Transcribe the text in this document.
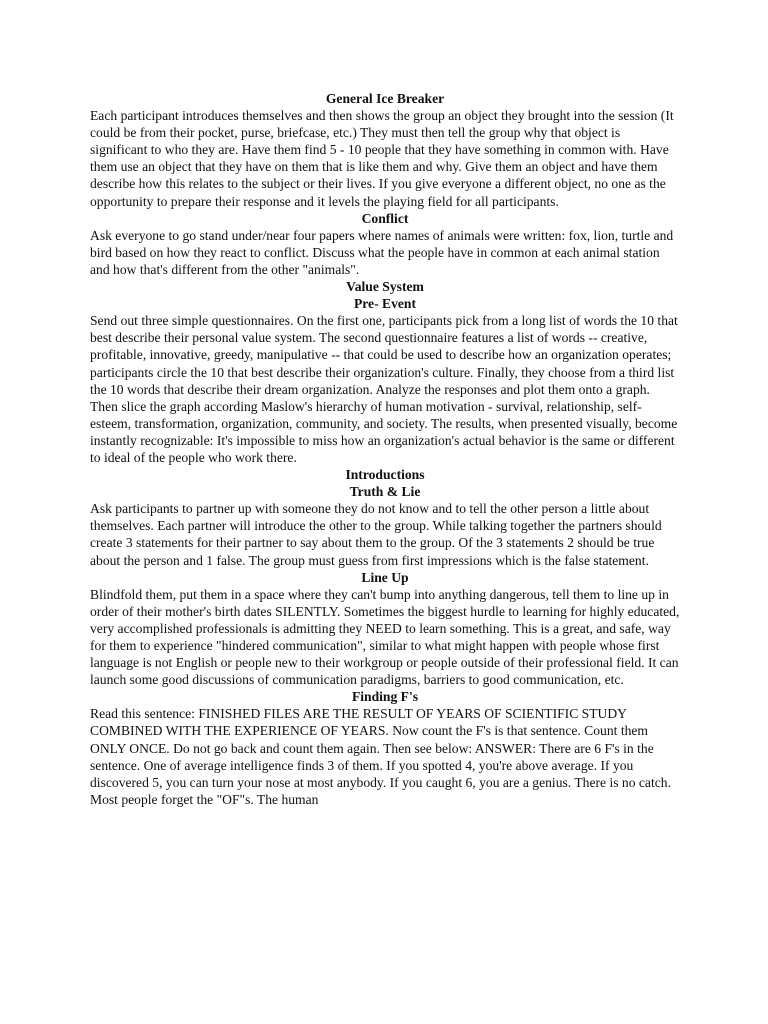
General Ice Breaker

Each participant introduces themselves and then shows the group an object they brought into the session (It could be from their pocket, purse, briefcase, etc.) They must then tell the group why that object is significant to who they are. Have them find 5 - 10 people that they have something in common with. Have them use an object that they have on them that is like them and why. Give them an object and have them describe how this relates to the subject or their lives. If you give everyone a different object, no one as the opportunity to prepare their response and it levels the playing field for all participants.

Conflict

Ask everyone to go stand under/near four papers where names of animals were written: fox, lion, turtle and bird based on how they react to conflict. Discuss what the people have in common at each animal station and how that's different from the other "animals".

Value System

Pre- Event

Send out three simple questionnaires. On the first one, participants pick from a long list of words the 10 that best describe their personal value system. The second questionnaire features a list of words -- creative, profitable, innovative, greedy, manipulative -- that could be used to describe how an organization operates; participants circle the 10 that best describe their organization's culture. Finally, they choose from a third list the 10 words that describe their dream organization. Analyze the responses and plot them onto a graph. Then slice the graph according Maslow's hierarchy of human motivation - survival, relationship, self-esteem, transformation, organization, community, and society. The results, when presented visually, become instantly recognizable: It's impossible to miss how an organization's actual behavior is the same or different to ideal of the people who work there.

Introductions

Truth & Lie

Ask participants to partner up with someone they do not know and to tell the other person a little about themselves. Each partner will introduce the other to the group. While talking together the partners should create 3 statements for their partner to say about them to the group. Of the 3 statements 2 should be true about the person and 1 false. The group must guess from first impressions which is the false statement.

Line Up

Blindfold them, put them in a space where they can't bump into anything dangerous, tell them to line up in order of their mother's birth dates SILENTLY. Sometimes the biggest hurdle to learning for highly educated, very accomplished professionals is admitting they NEED to learn something. This is a great, and safe, way for them to experience "hindered communication", similar to what might happen with people whose first language is not English or people new to their workgroup or people outside of their professional field. It can launch some good discussions of communication paradigms, barriers to good communication, etc.

Finding F's

Read this sentence: FINISHED FILES ARE THE RESULT OF YEARS OF SCIENTIFIC STUDY COMBINED WITH THE EXPERIENCE OF YEARS. Now count the F's is that sentence. Count them ONLY ONCE. Do not go back and count them again. Then see below: ANSWER: There are 6 F's in the sentence. One of average intelligence finds 3 of them. If you spotted 4, you're above average. If you discovered 5, you can turn your nose at most anybody. If you caught 6, you are a genius. There is no catch. Most people forget the "OF"s. The human
